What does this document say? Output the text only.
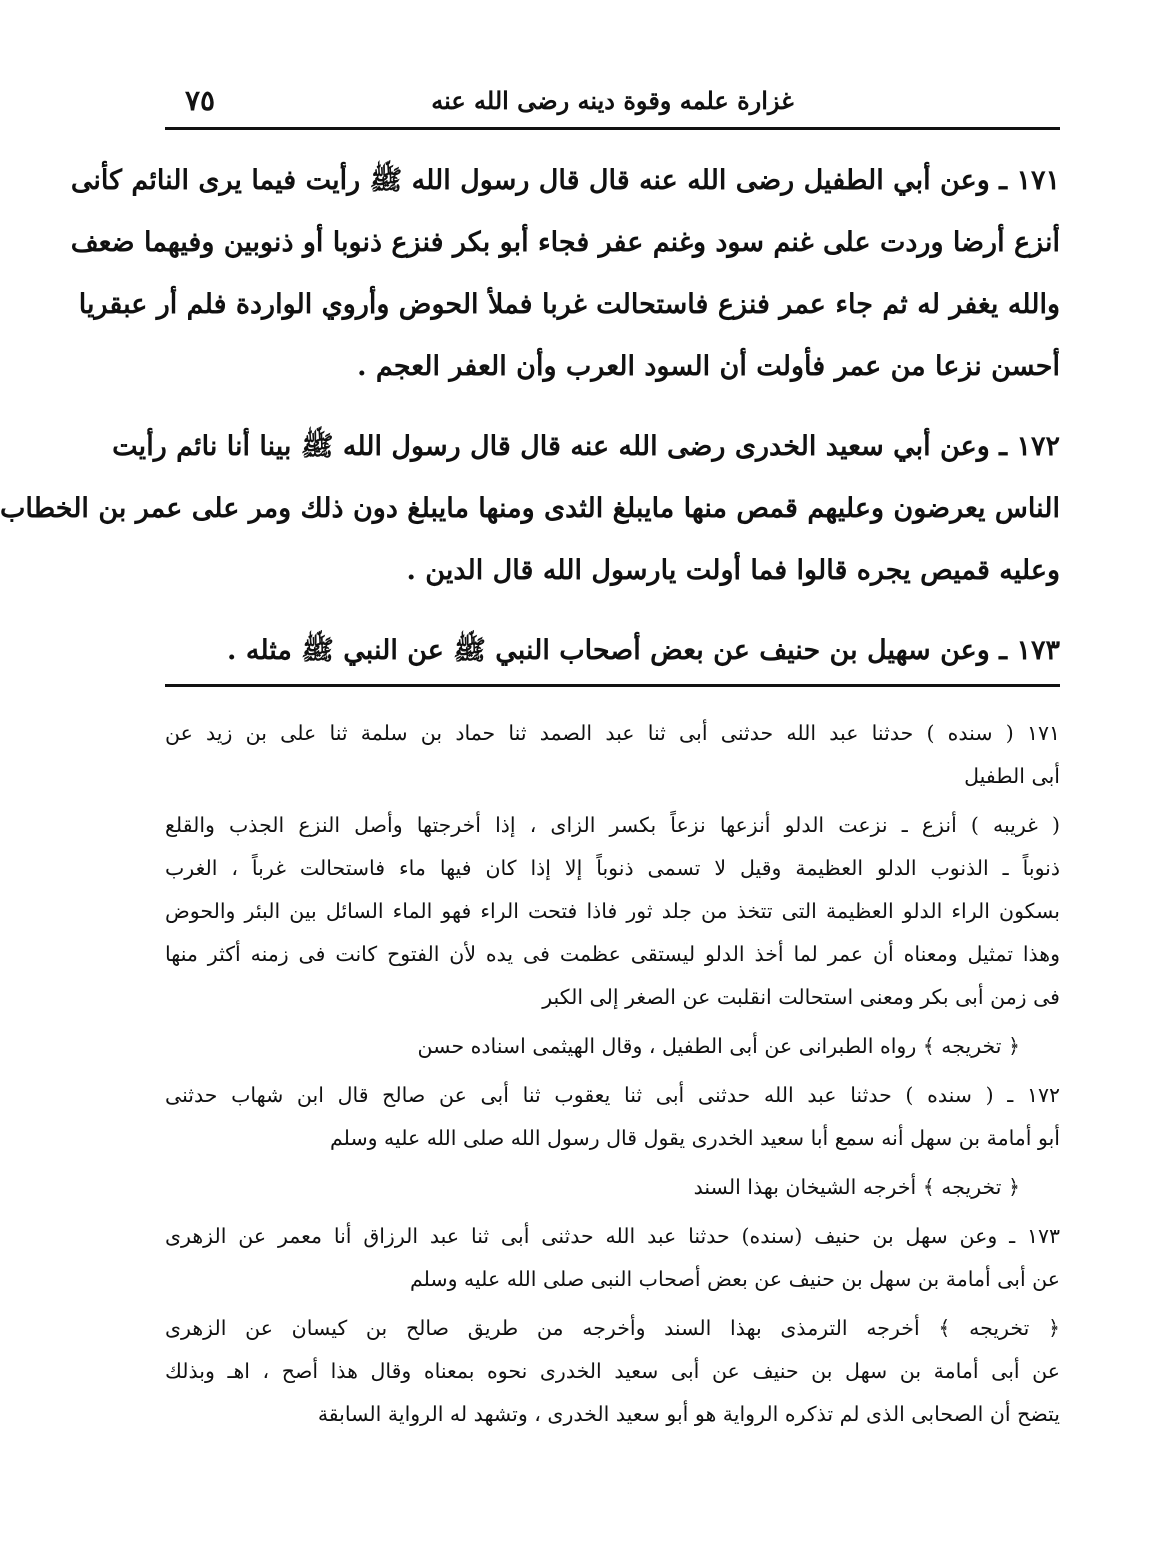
غزارة علمه وقوة دينه رضى الله عنه
٧٥
١٧١ ـ وعن أبي الطفيل رضى الله عنه قال قال رسول الله ﷺ رأيت فيما يرى النائم كأنى
أنزع أرضا وردت على غنم سود وغنم عفر فجاء أبو بكر فنزع ذنوبا أو ذنوبين وفيهما ضعف
والله يغفر له ثم جاء عمر فنزع فاستحالت غربا فملأ الحوض وأروي الواردة فلم أر عبقريا
أحسن نزعا من عمر فأولت أن السود العرب وأن العفر العجم .
١٧٢ ـ وعن أبي سعيد الخدرى رضى الله عنه قال قال رسول الله ﷺ بينا أنا نائم رأيت
الناس يعرضون وعليهم قمص منها مايبلغ الثدى ومنها مايبلغ دون ذلك ومر على عمر بن الخطاب
وعليه قميص يجره قالوا فما أولت يارسول الله قال الدين .
١٧٣ ـ وعن سهيل بن حنيف عن بعض أصحاب النبي ﷺ عن النبي ﷺ مثله .
١٧١ ( سنده ) حدثنا عبد الله حدثنى أبى ثنا عبد الصمد ثنا حماد بن سلمة ثنا على بن زيد عن
أبى الطفيل
( غريبه ) أنزع ـ نزعت الدلو أنزعها نزعاً بكسر الزاى ، إذا أخرجتها وأصل النزع الجذب والقلع
ذنوباً ـ الذنوب الدلو العظيمة وقيل لا تسمى ذنوباً إلا إذا كان فيها ماء فاستحالت غرباً ، الغرب
بسكون الراء الدلو العظيمة التى تتخذ من جلد ثور فاذا فتحت الراء فهو الماء السائل بين البئر والحوض
وهذا تمثيل ومعناه أن عمر لما أخذ الدلو ليستقى عظمت فى يده لأن الفتوح كانت فى زمنه أكثر منها
فى زمن أبى بكر ومعنى استحالت انقلبت عن الصغر إلى الكبر
﴿ تخريجه ﴾ رواه الطبرانى عن أبى الطفيل ، وقال الهيثمى اسناده حسن
١٧٢ ـ ( سنده ) حدثنا عبد الله حدثنى أبى ثنا يعقوب ثنا أبى عن صالح قال ابن شهاب حدثنى
أبو أمامة بن سهل أنه سمع أبا سعيد الخدرى يقول قال رسول الله صلى الله عليه وسلم
﴿ تخريجه ﴾ أخرجه الشيخان بهذا السند
١٧٣ ـ وعن سهل بن حنيف (سنده) حدثنا عبد الله حدثنى أبى ثنا عبد الرزاق أنا معمر عن الزهرى
عن أبى أمامة بن سهل بن حنيف عن بعض أصحاب النبى صلى الله عليه وسلم
﴿ تخريجه ﴾ أخرجه الترمذى بهذا السند وأخرجه من طريق صالح بن كيسان عن الزهرى
عن أبى أمامة بن سهل بن حنيف عن أبى سعيد الخدرى نحوه بمعناه وقال هذا أصح ، اهـ وبذلك
يتضح أن الصحابى الذى لم تذكره الرواية هو أبو سعيد الخدرى ، وتشهد له الرواية السابقة
